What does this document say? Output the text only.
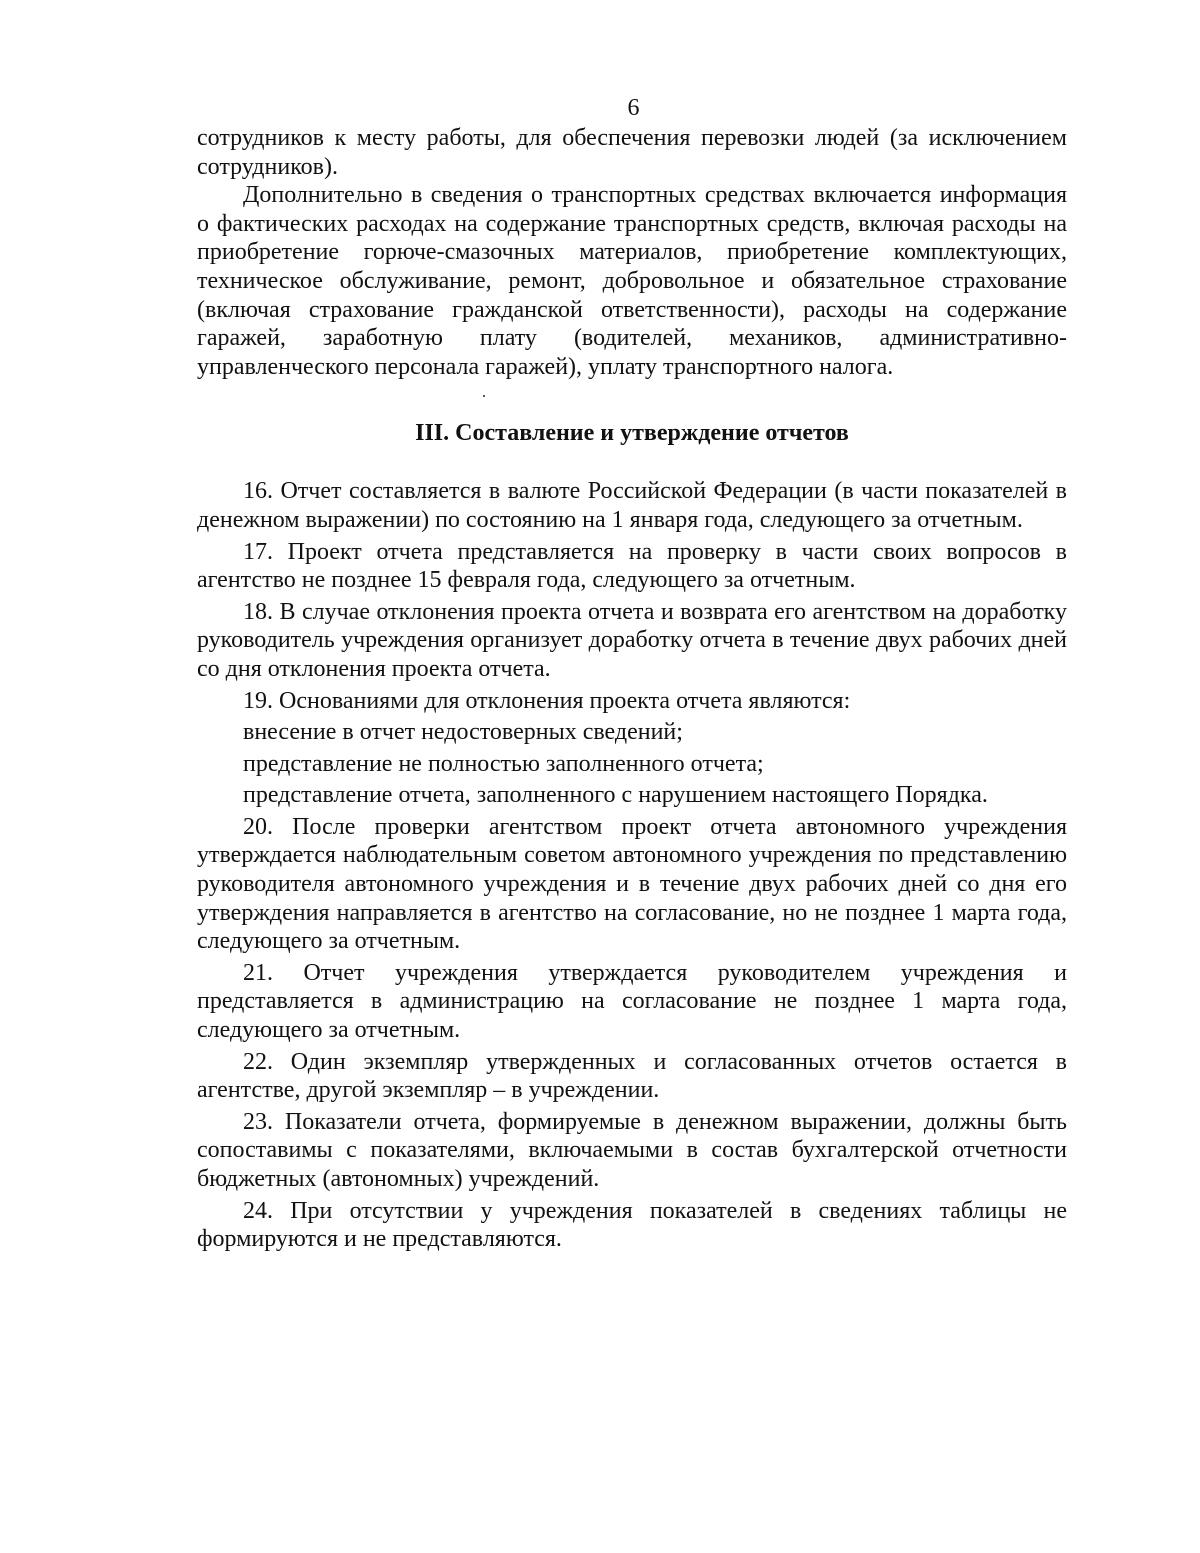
6

сотрудников к месту работы, для обеспечения перевозки людей (за исключением сотрудников).

Дополнительно в сведения о транспортных средствах включается информация о фактических расходах на содержание транспортных средств, включая расходы на приобретение горюче-смазочных материалов, приобретение комплектующих, техническое обслуживание, ремонт, добровольное и обязательное страхование (включая страхование гражданской ответственности), расходы на содержание гаражей, заработную плату (водителей, механиков, административно-управленческого персонала гаражей), уплату транспортного налога.

III. Составление и утверждение отчетов

16. Отчет составляется в валюте Российской Федерации (в части показателей в денежном выражении) по состоянию на 1 января года, следующего за отчетным.

17. Проект отчета представляется на проверку в части своих вопросов в агентство не позднее 15 февраля года, следующего за отчетным.

18. В случае отклонения проекта отчета и возврата его агентством на доработку руководитель учреждения организует доработку отчета в течение двух рабочих дней со дня отклонения проекта отчета.

19. Основаниями для отклонения проекта отчета являются:

внесение в отчет недостоверных сведений;

представление не полностью заполненного отчета;

представление отчета, заполненного с нарушением настоящего Порядка.

20. После проверки агентством проект отчета автономного учреждения утверждается наблюдательным советом автономного учреждения по представлению руководителя автономного учреждения и в течение двух рабочих дней со дня его утверждения направляется в агентство на согласование, но не позднее 1 марта года, следующего за отчетным.

21. Отчет учреждения утверждается руководителем учреждения и представляется в администрацию на согласование не позднее 1 марта года, следующего за отчетным.

22. Один экземпляр утвержденных и согласованных отчетов остается в агентстве, другой экземпляр – в учреждении.

23. Показатели отчета, формируемые в денежном выражении, должны быть сопоставимы с показателями, включаемыми в состав бухгалтерской отчетности бюджетных (автономных) учреждений.

24. При отсутствии у учреждения показателей в сведениях таблицы не формируются и не представляются.
